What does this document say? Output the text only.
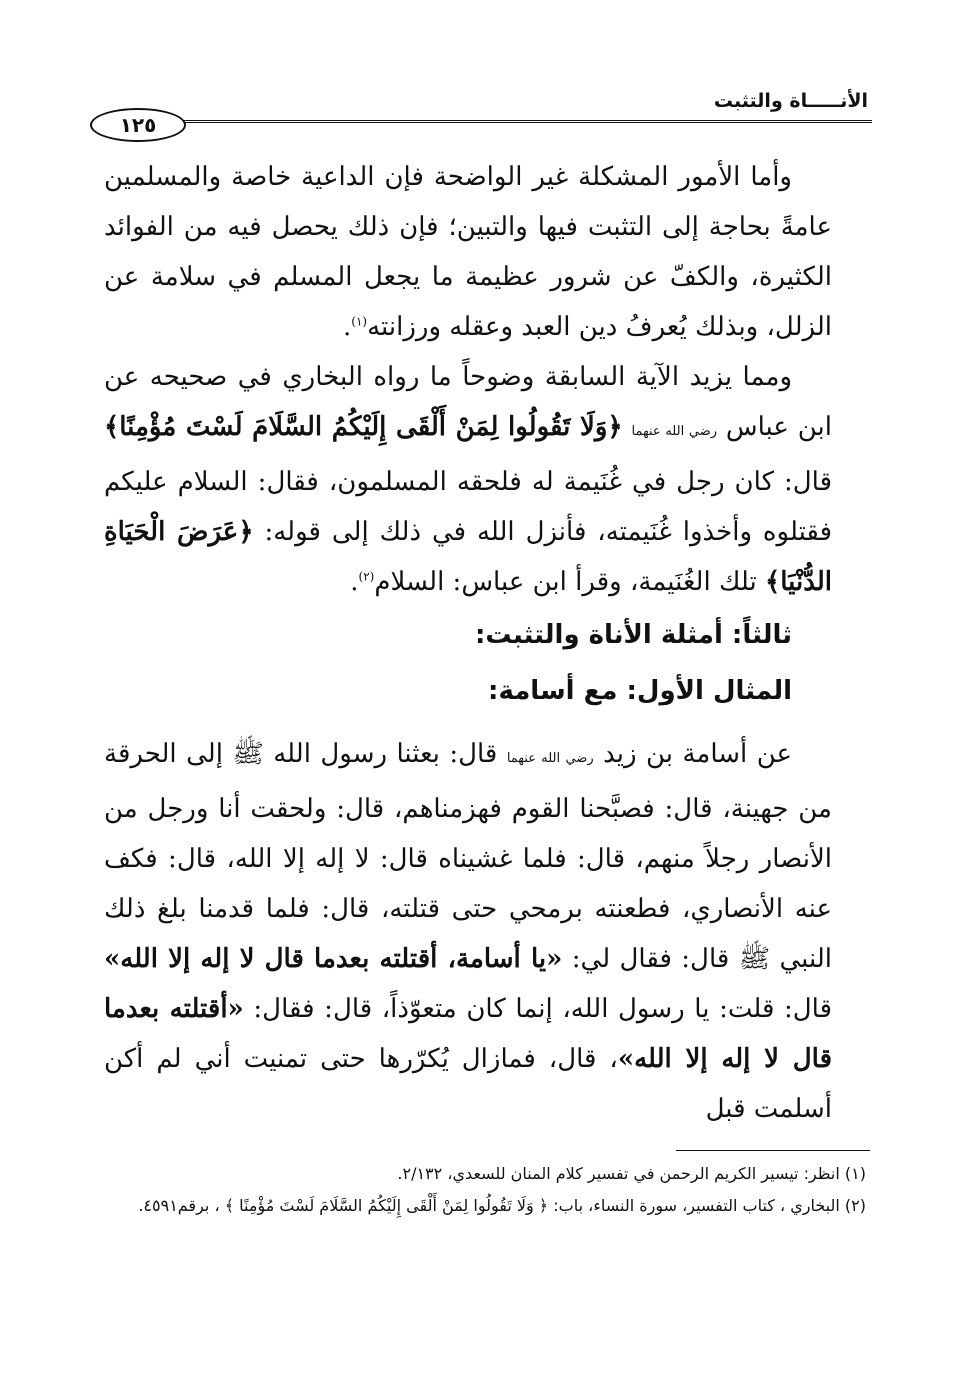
الأنـــــاة والتثبت
١٢٥

وأما الأمور المشكلة غير الواضحة فإن الداعية خاصة والمسلمين عامةً بحاجة إلى التثبت فيها والتبين؛ فإن ذلك يحصل فيه من الفوائد الكثيرة، والكفّ عن شرور عظيمة ما يجعل المسلم في سلامة عن الزلل، وبذلك يُعرفُ دين العبد وعقله ورزانته$^{(١)}$.

ومما يزيد الآية السابقة وضوحاً ما رواه البخاري في صحيحه عن ابن عباس رضي الله عنهما ﴿وَلَا تَقُولُوا لِمَنْ أَلْقَى إِلَيْكُمُ السَّلَامَ لَسْتَ مُؤْمِنًا﴾ قال: كان رجل في غُنَيمة له فلحقه المسلمون، فقال: السلام عليكم فقتلوه وأخذوا غُنَيمته، فأنزل الله في ذلك إلى قوله: ﴿عَرَضَ الْحَيَاةِ الدُّنْيَا﴾ تلك الغُنَيمة، وقرأ ابن عباس: السلام$^{(٢)}$.

ثالثاً: أمثلة الأناة والتثبت:

المثال الأول: مع أسامة:

عن أسامة بن زيد رضي الله عنهما قال: بعثنا رسول الله ﷺ إلى الحرقة من جهينة، قال: فصبَّحنا القوم فهزمناهم، قال: ولحقت أنا ورجل من الأنصار رجلاً منهم، قال: فلما غشيناه قال: لا إله إلا الله، قال: فكف عنه الأنصاري، فطعنته برمحي حتى قتلته، قال: فلما قدمنا بلغ ذلك النبي ﷺ قال: فقال لي: «يا أسامة، أقتلته بعدما قال لا إله إلا الله» قال: قلت: يا رسول الله، إنما كان متعوّذاً، قال: فقال: «أقتلته بعدما قال لا إله إلا الله»، قال، فمازال يُكرّرها حتى تمنيت أني لم أكن أسلمت قبل

(١) انظر: تيسير الكريم الرحمن في تفسير كلام المنان للسعدي، ٢/١٣٢.

(٢) البخاري ، كتاب التفسير، سورة النساء، باب: ﴿ وَلَا تَقُولُوا لِمَنْ أَلْقَى إِلَيْكُمُ السَّلَامَ لَسْتَ مُؤْمِنًا ﴾ ، برقم٤٥٩١.
